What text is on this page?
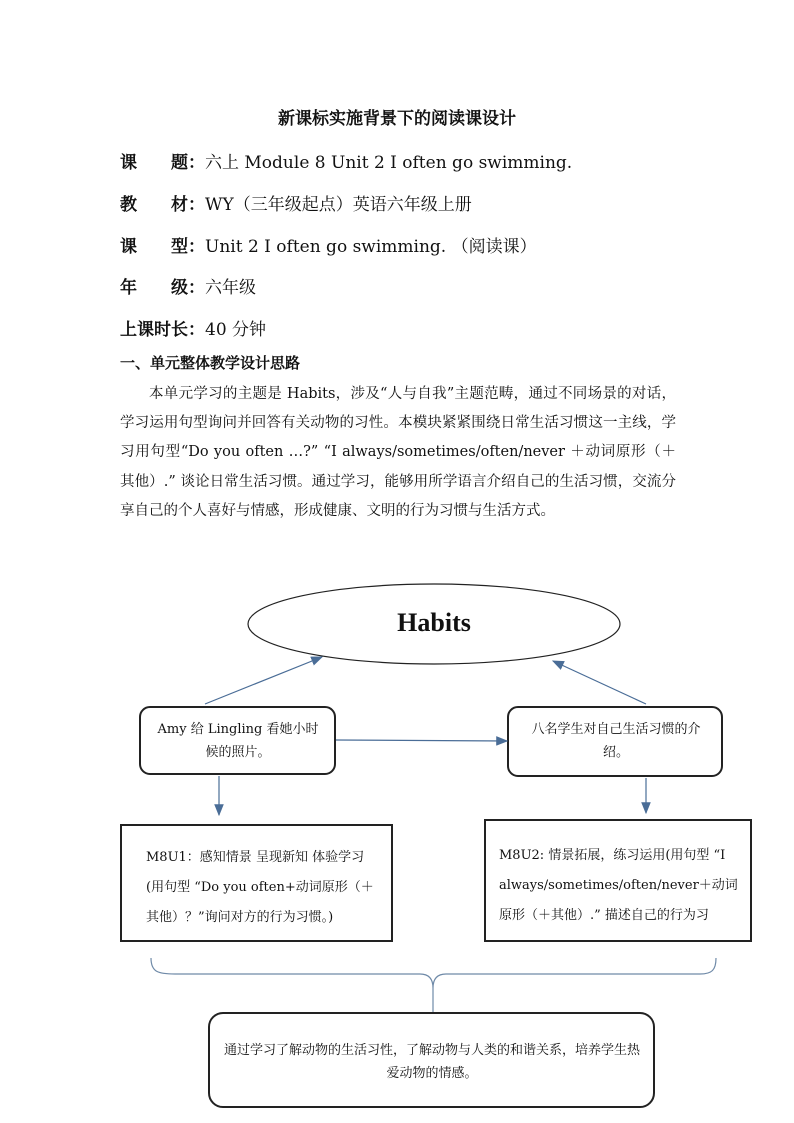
新课标实施背景下的阅读课设计
课　　题：六上 Module 8 Unit 2 I often go swimming.
教　　材：WY（三年级起点）英语六年级上册
课　　型：Unit 2 I often go swimming. （阅读课）
年　　级：六年级
上课时长：40 分钟
一、单元整体教学设计思路

本单元学习的主题是 Habits，涉及“人与自我”主题范畴，通过不同场景的对话，学习运用句型询问并回答有关动物的习性。本模块紧紧围绕日常生活习惯这一主线，学习用句型“Do you often …?” “I always/sometimes/often/never ＋动词原形（＋其他）.” 谈论日常生活习惯。通过学习，能够用所学语言介绍自己的生活习惯，交流分享自己的个人喜好与情感，形成健康、文明的行为习惯与生活方式。

Habits
Amy 给 Lingling 看她小时候的照片。
八名学生对自己生活习惯的介绍。
M8U1：感知情景 呈现新知 体验学习(用句型 “Do you often+动词原形（＋其他）？”询问对方的行为习惯。)
M8U2: 情景拓展，练习运用(用句型 “I always/sometimes/often/never＋动词原形（＋其他）.” 描述自己的行为习
通过学习了解动物的生活习性，了解动物与人类的和谐关系，培养学生热爱动物的情感。
